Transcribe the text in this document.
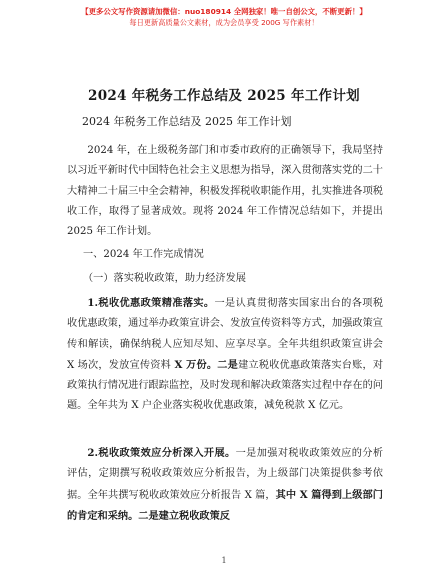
【更多公文写作资源请加微信：nuo180914 全网独家！唯一自创公文，不断更新！】
每日更新高质量公文素材，成为会员享受 200G 写作素材！
2024 年税务工作总结及 2025 年工作计划
2024 年税务工作总结及 2025 年工作计划

2024 年，在上级税务部门和市委市政府的正确领导下，我局坚持以习近平新时代中国特色社会主义思想为指导，深入贯彻落实党的二十大精神二十届三中全会精神，积极发挥税收职能作用，扎实推进各项税收工作，取得了显著成效。现将 2024 年工作情况总结如下，并提出 2025 年工作计划。

一、2024 年工作完成情况
（一）落实税收政策，助力经济发展

1.税收优惠政策精准落实。一是认真贯彻落实国家出台的各项税收优惠政策，通过举办政策宣讲会、发放宣传资料等方式，加强政策宣传和解读，确保纳税人应知尽知、应享尽享。全年共组织政策宣讲会 X 场次，发放宣传资料 X 万份。二是建立税收优惠政策落实台账，对政策执行情况进行跟踪监控，及时发现和解决政策落实过程中存在的问题。全年共为 X 户企业落实税收优惠政策，减免税款 X 亿元。

2.税收政策效应分析深入开展。一是加强对税收政策效应的分析评估，定期撰写税收政策效应分析报告，为上级部门决策提供参考依据。全年共撰写税收政策效应分析报告 X 篇，其中 X 篇得到上级部门的肯定和采纳。二是建立税收政策反

1
